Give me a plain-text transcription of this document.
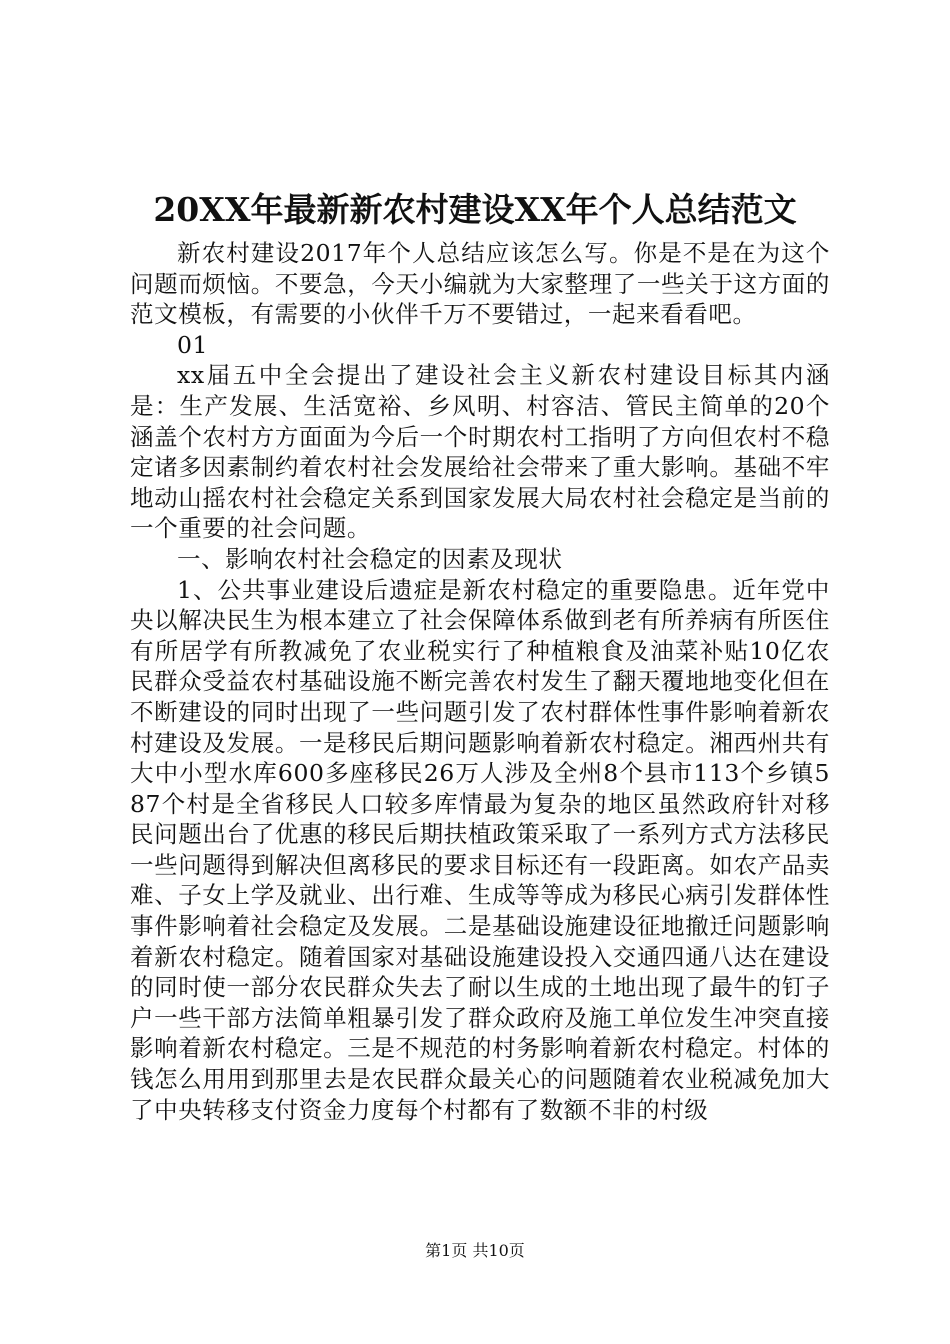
20XX年最新新农村建设XX年个人总结范文

新农村建设2017年个人总结应该怎么写。你是不是在为这个问题而烦恼。不要急，今天小编就为大家整理了一些关于这方面的范文模板，有需要的小伙伴千万不要错过，一起来看看吧。

01

xx届五中全会提出了建设社会主义新农村建设目标其内涵是：生产发展、生活宽裕、乡风明、村容洁、管民主简单的20个涵盖个农村方方面面为今后一个时期农村工指明了方向但农村不稳定诸多因素制约着农村社会发展给社会带来了重大影响。基础不牢地动山摇农村社会稳定关系到国家发展大局农村社会稳定是当前的一个重要的社会问题。

一、影响农村社会稳定的因素及现状

1、公共事业建设后遗症是新农村稳定的重要隐患。近年党中央以解决民生为根本建立了社会保障体系做到老有所养病有所医住有所居学有所教减免了农业税实行了种植粮食及油菜补贴10亿农民群众受益农村基础设施不断完善农村发生了翻天覆地地变化但在不断建设的同时出现了一些问题引发了农村群体性事件影响着新农村建设及发展。一是移民后期问题影响着新农村稳定。湘西州共有大中小型水库600多座移民26万人涉及全州8个县市113个乡镇587个村是全省移民人口较多库情最为复杂的地区虽然政府针对移民问题出台了优惠的移民后期扶植政策采取了一系列方式方法移民一些问题得到解决但离移民的要求目标还有一段距离。如农产品卖难、子女上学及就业、出行难、生成等等成为移民心病引发群体性事件影响着社会稳定及发展。二是基础设施建设征地撤迁问题影响着新农村稳定。随着国家对基础设施建设投入交通四通八达在建设的同时使一部分农民群众失去了耐以生成的土地出现了最牛的钉子户一些干部方法简单粗暴引发了群众政府及施工单位发生冲突直接影响着新农村稳定。三是不规范的村务影响着新农村稳定。村体的钱怎么用用到那里去是农民群众最关心的问题随着农业税减免加大了中央转移支付资金力度每个村都有了数额不非的村级

第1页 共10页
